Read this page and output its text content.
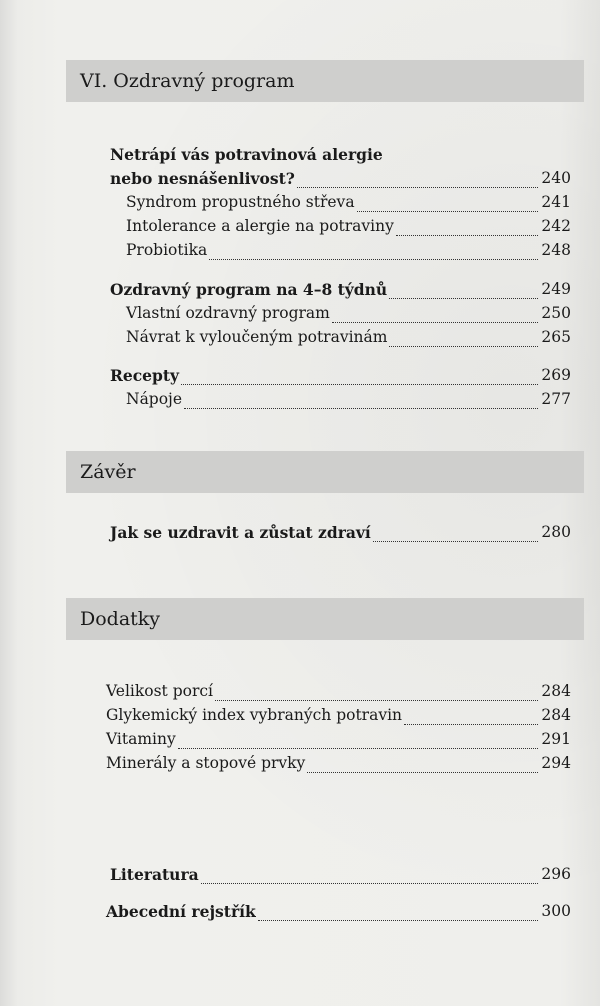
VI. Ozdravný program
Netrápí vás potravinová alergie
nebo nesnášenlivost?	240
Syndrom propustného střeva	241
Intolerance a alergie na potraviny	242
Probiotika	248
Ozdravný program na 4–8 týdnů	249
Vlastní ozdravný program	250
Návrat k vyloučeným potravinám	265
Recepty	269
Nápoje	277
Závěr
Jak se uzdravit a zůstat zdraví	280
Dodatky
Velikost porcí	284
Glykemický index vybraných potravin	284
Vitaminy	291
Minerály a stopové prvky	294
Literatura	296
Abecední rejstřík	300
